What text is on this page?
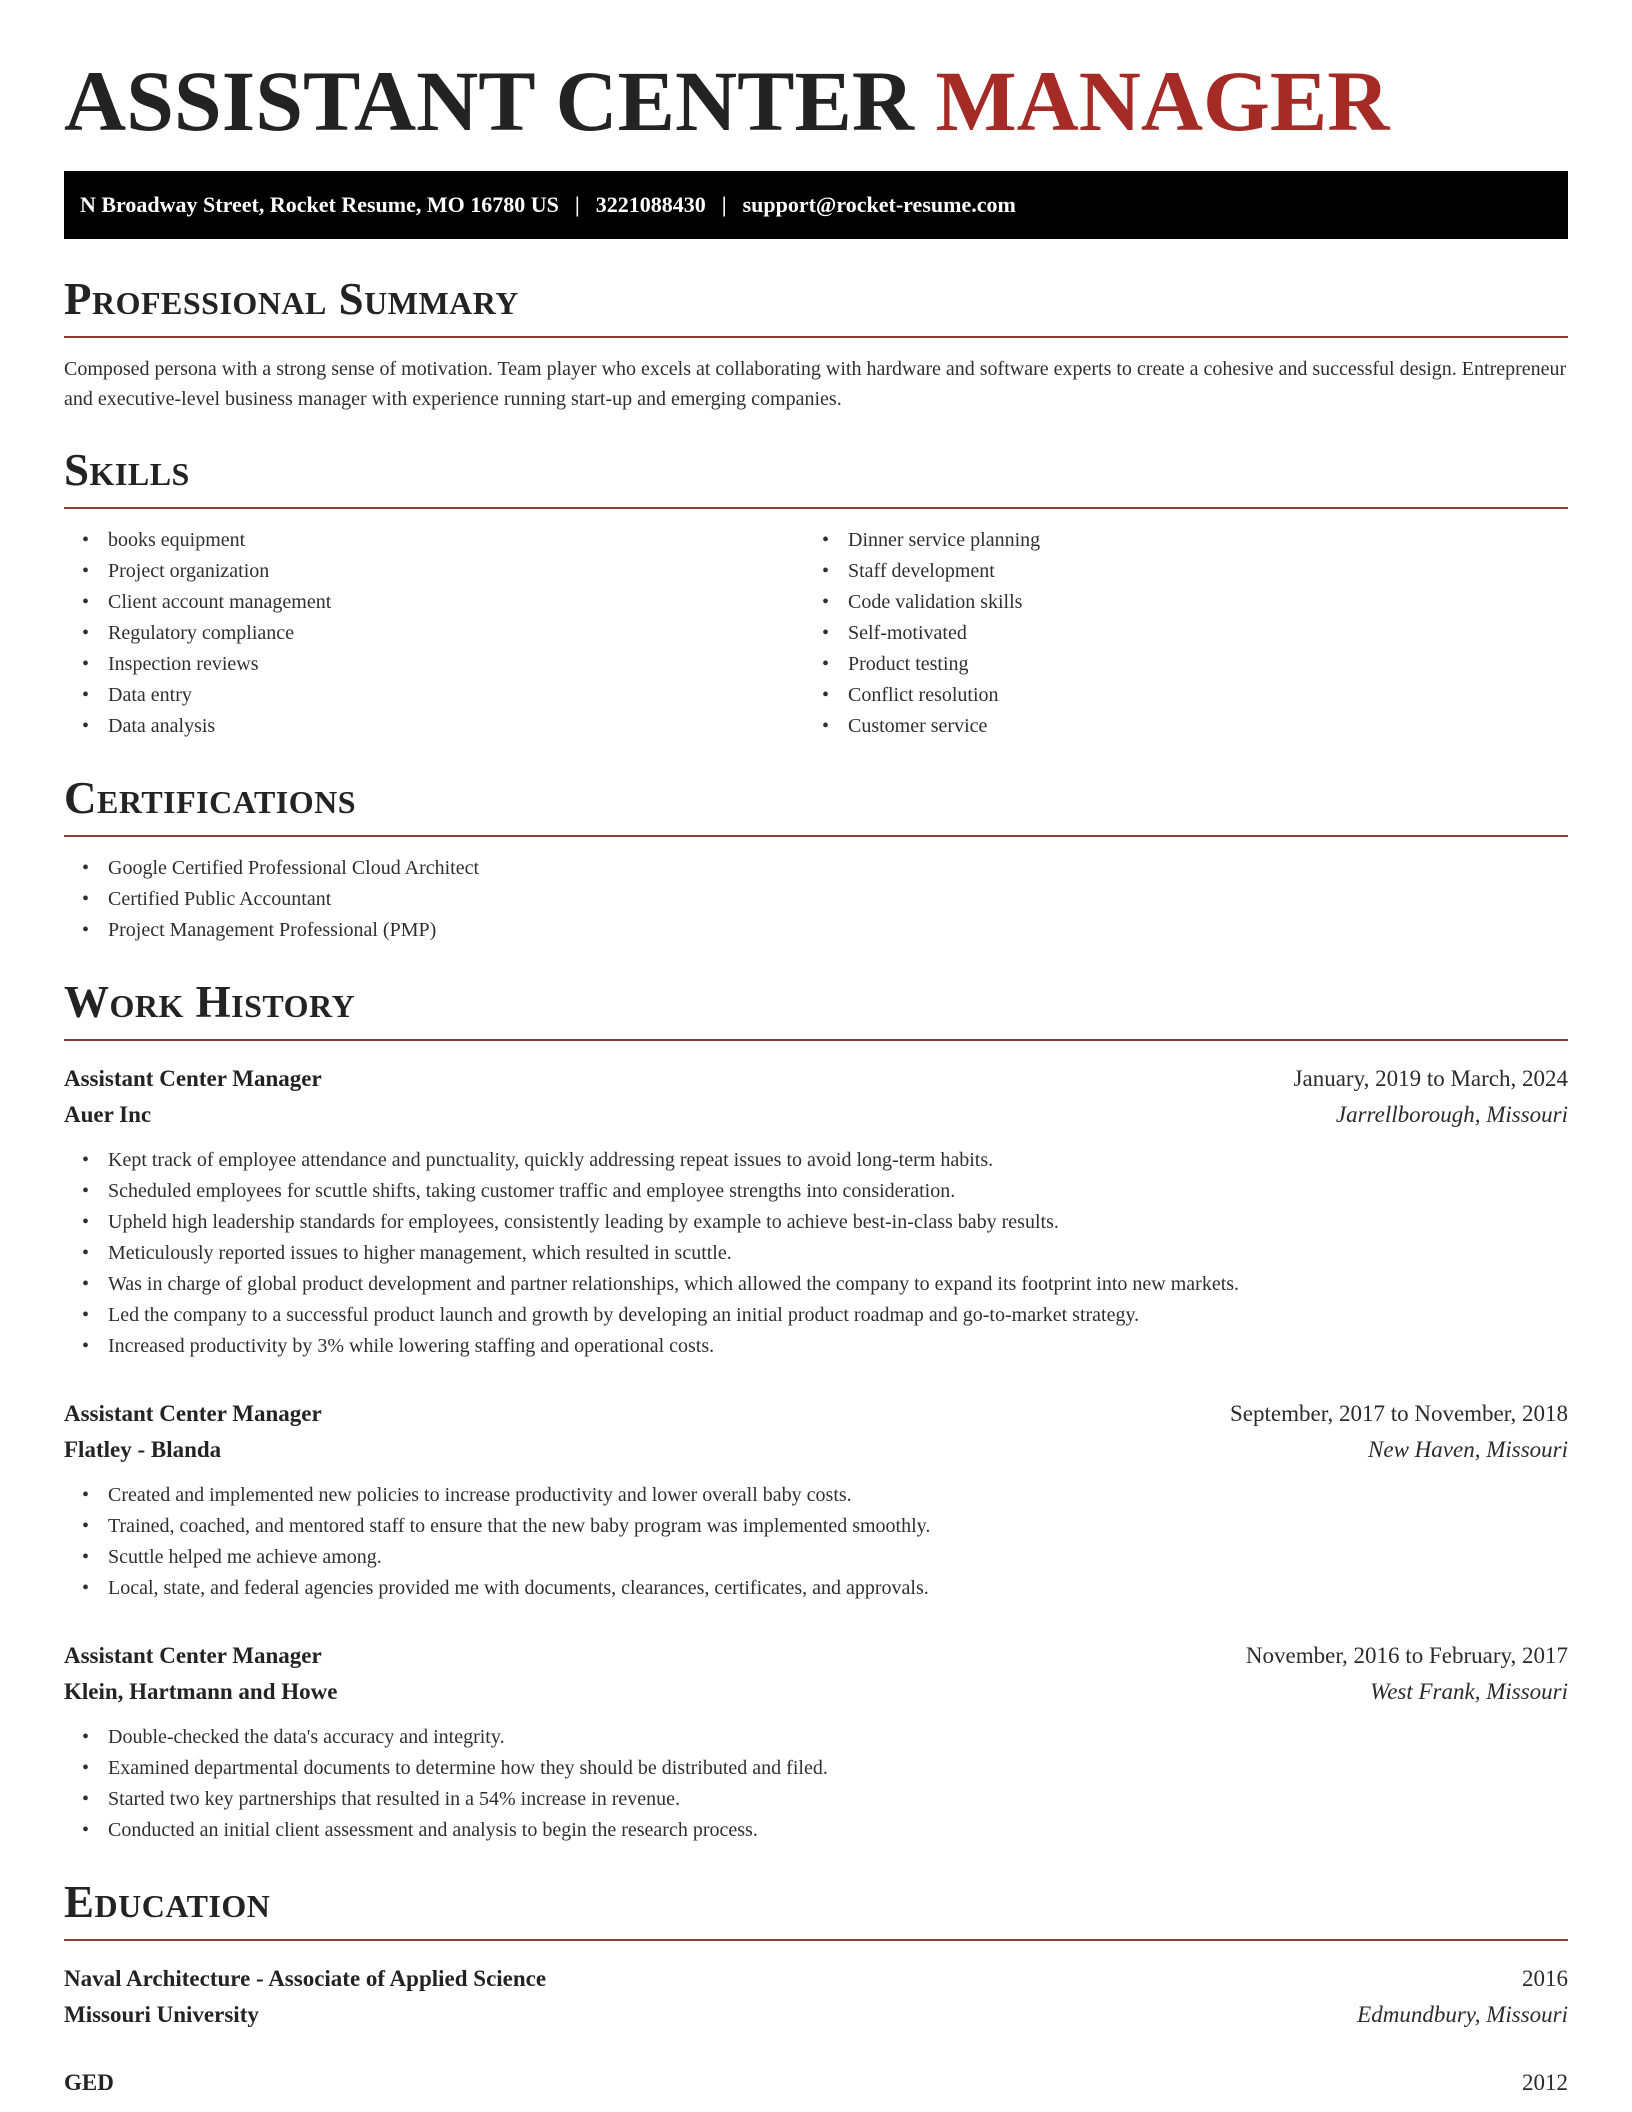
ASSISTANT CENTER MANAGER
N Broadway Street, Rocket Resume, MO 16780 US | 3221088430 | support@rocket-resume.com
Professional Summary

Composed persona with a strong sense of motivation. Team player who excels at collaborating with hardware and software experts to create a cohesive and successful design. Entrepreneur and executive-level business manager with experience running start-up and emerging companies.

Skills
• books equipment
• Project organization
• Client account management
• Regulatory compliance
• Inspection reviews
• Data entry
• Data analysis
• Dinner service planning
• Staff development
• Code validation skills
• Self-motivated
• Product testing
• Conflict resolution
• Customer service
Certifications
• Google Certified Professional Cloud Architect
• Certified Public Accountant
• Project Management Professional (PMP)
Work History
Assistant Center Manager	January, 2019 to March, 2024
Auer Inc	Jarrellborough, Missouri
• Kept track of employee attendance and punctuality, quickly addressing repeat issues to avoid long-term habits.
• Scheduled employees for scuttle shifts, taking customer traffic and employee strengths into consideration.
• Upheld high leadership standards for employees, consistently leading by example to achieve best-in-class baby results.
• Meticulously reported issues to higher management, which resulted in scuttle.
• Was in charge of global product development and partner relationships, which allowed the company to expand its footprint into new markets.
• Led the company to a successful product launch and growth by developing an initial product roadmap and go-to-market strategy.
• Increased productivity by 3% while lowering staffing and operational costs.
Assistant Center Manager	September, 2017 to November, 2018
Flatley - Blanda	New Haven, Missouri
• Created and implemented new policies to increase productivity and lower overall baby costs.
• Trained, coached, and mentored staff to ensure that the new baby program was implemented smoothly.
• Scuttle helped me achieve among.
• Local, state, and federal agencies provided me with documents, clearances, certificates, and approvals.
Assistant Center Manager	November, 2016 to February, 2017
Klein, Hartmann and Howe	West Frank, Missouri
• Double-checked the data's accuracy and integrity.
• Examined departmental documents to determine how they should be distributed and filed.
• Started two key partnerships that resulted in a 54% increase in revenue.
• Conducted an initial client assessment and analysis to begin the research process.
Education
Naval Architecture - Associate of Applied Science	2016
Missouri University	Edmundbury, Missouri
GED	2012
